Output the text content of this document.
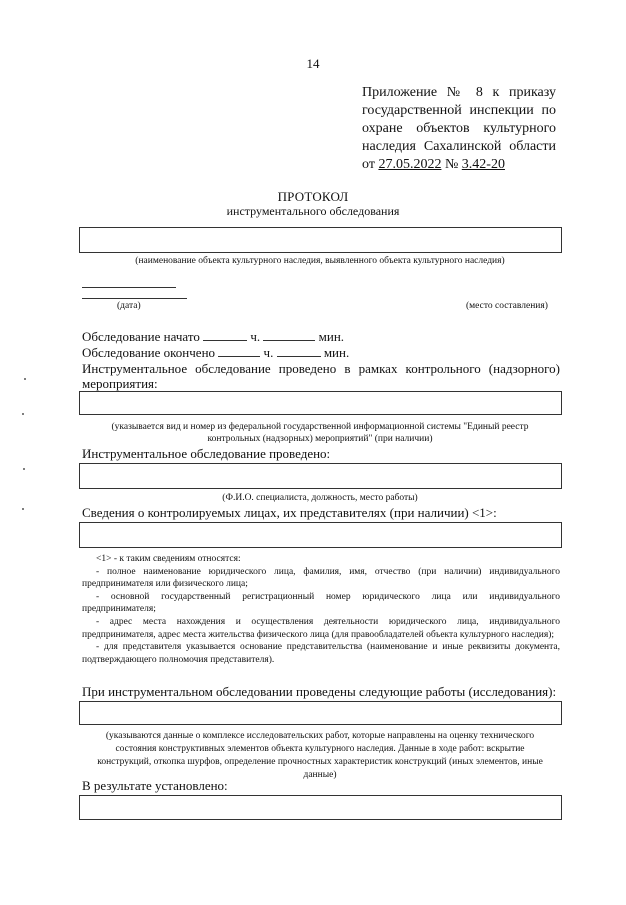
14
Приложение № 8 к приказу
государственной инспекции по
охране объектов культурного
наследия Сахалинской области
от 27.05.2022 № 3.42-20
ПРОТОКОЛ
инструментального обследования
(наименование объекта культурного наследия, выявленного объекта культурного наследия)
(дата)	(место составления)
Обследование начато	ч.	мин.
Обследование окончено	ч.	мин.
Инструментальное обследование проведено в рамках контрольного (надзорного)
мероприятия:
(указывается вид и номер из федеральной государственной информационной системы "Единый реестр
контрольных (надзорных) мероприятий" (при наличии)
Инструментальное обследование проведено:
(Ф.И.О. специалиста, должность, место работы)
Сведения о контролируемых лицах, их представителях (при наличии) <1>:

<1> - к таким сведениям относятся:

- полное наименование юридического лица, фамилия, имя, отчество (при наличии) индивидуального предпринимателя или физического лица;

- основной государственный регистрационный номер юридического лица или индивидуального предпринимателя;

- адрес места нахождения и осуществления деятельности юридического лица, индивидуального предпринимателя, адрес места жительства физического лица (для правообладателей объекта культурного наследия);

- для представителя указывается основание представительства (наименование и иные реквизиты документа, подтверждающего полномочия представителя).

При инструментальном обследовании проведены следующие работы (исследования):
(указываются данные о комплексе исследовательских работ, которые направлены на оценку технического
состояния конструктивных элементов объекта культурного наследия. Данные в ходе работ: вскрытие
конструкций, откопка шурфов, определение прочностных характеристик конструкций (иных элементов, иные
данные)
В результате установлено:
